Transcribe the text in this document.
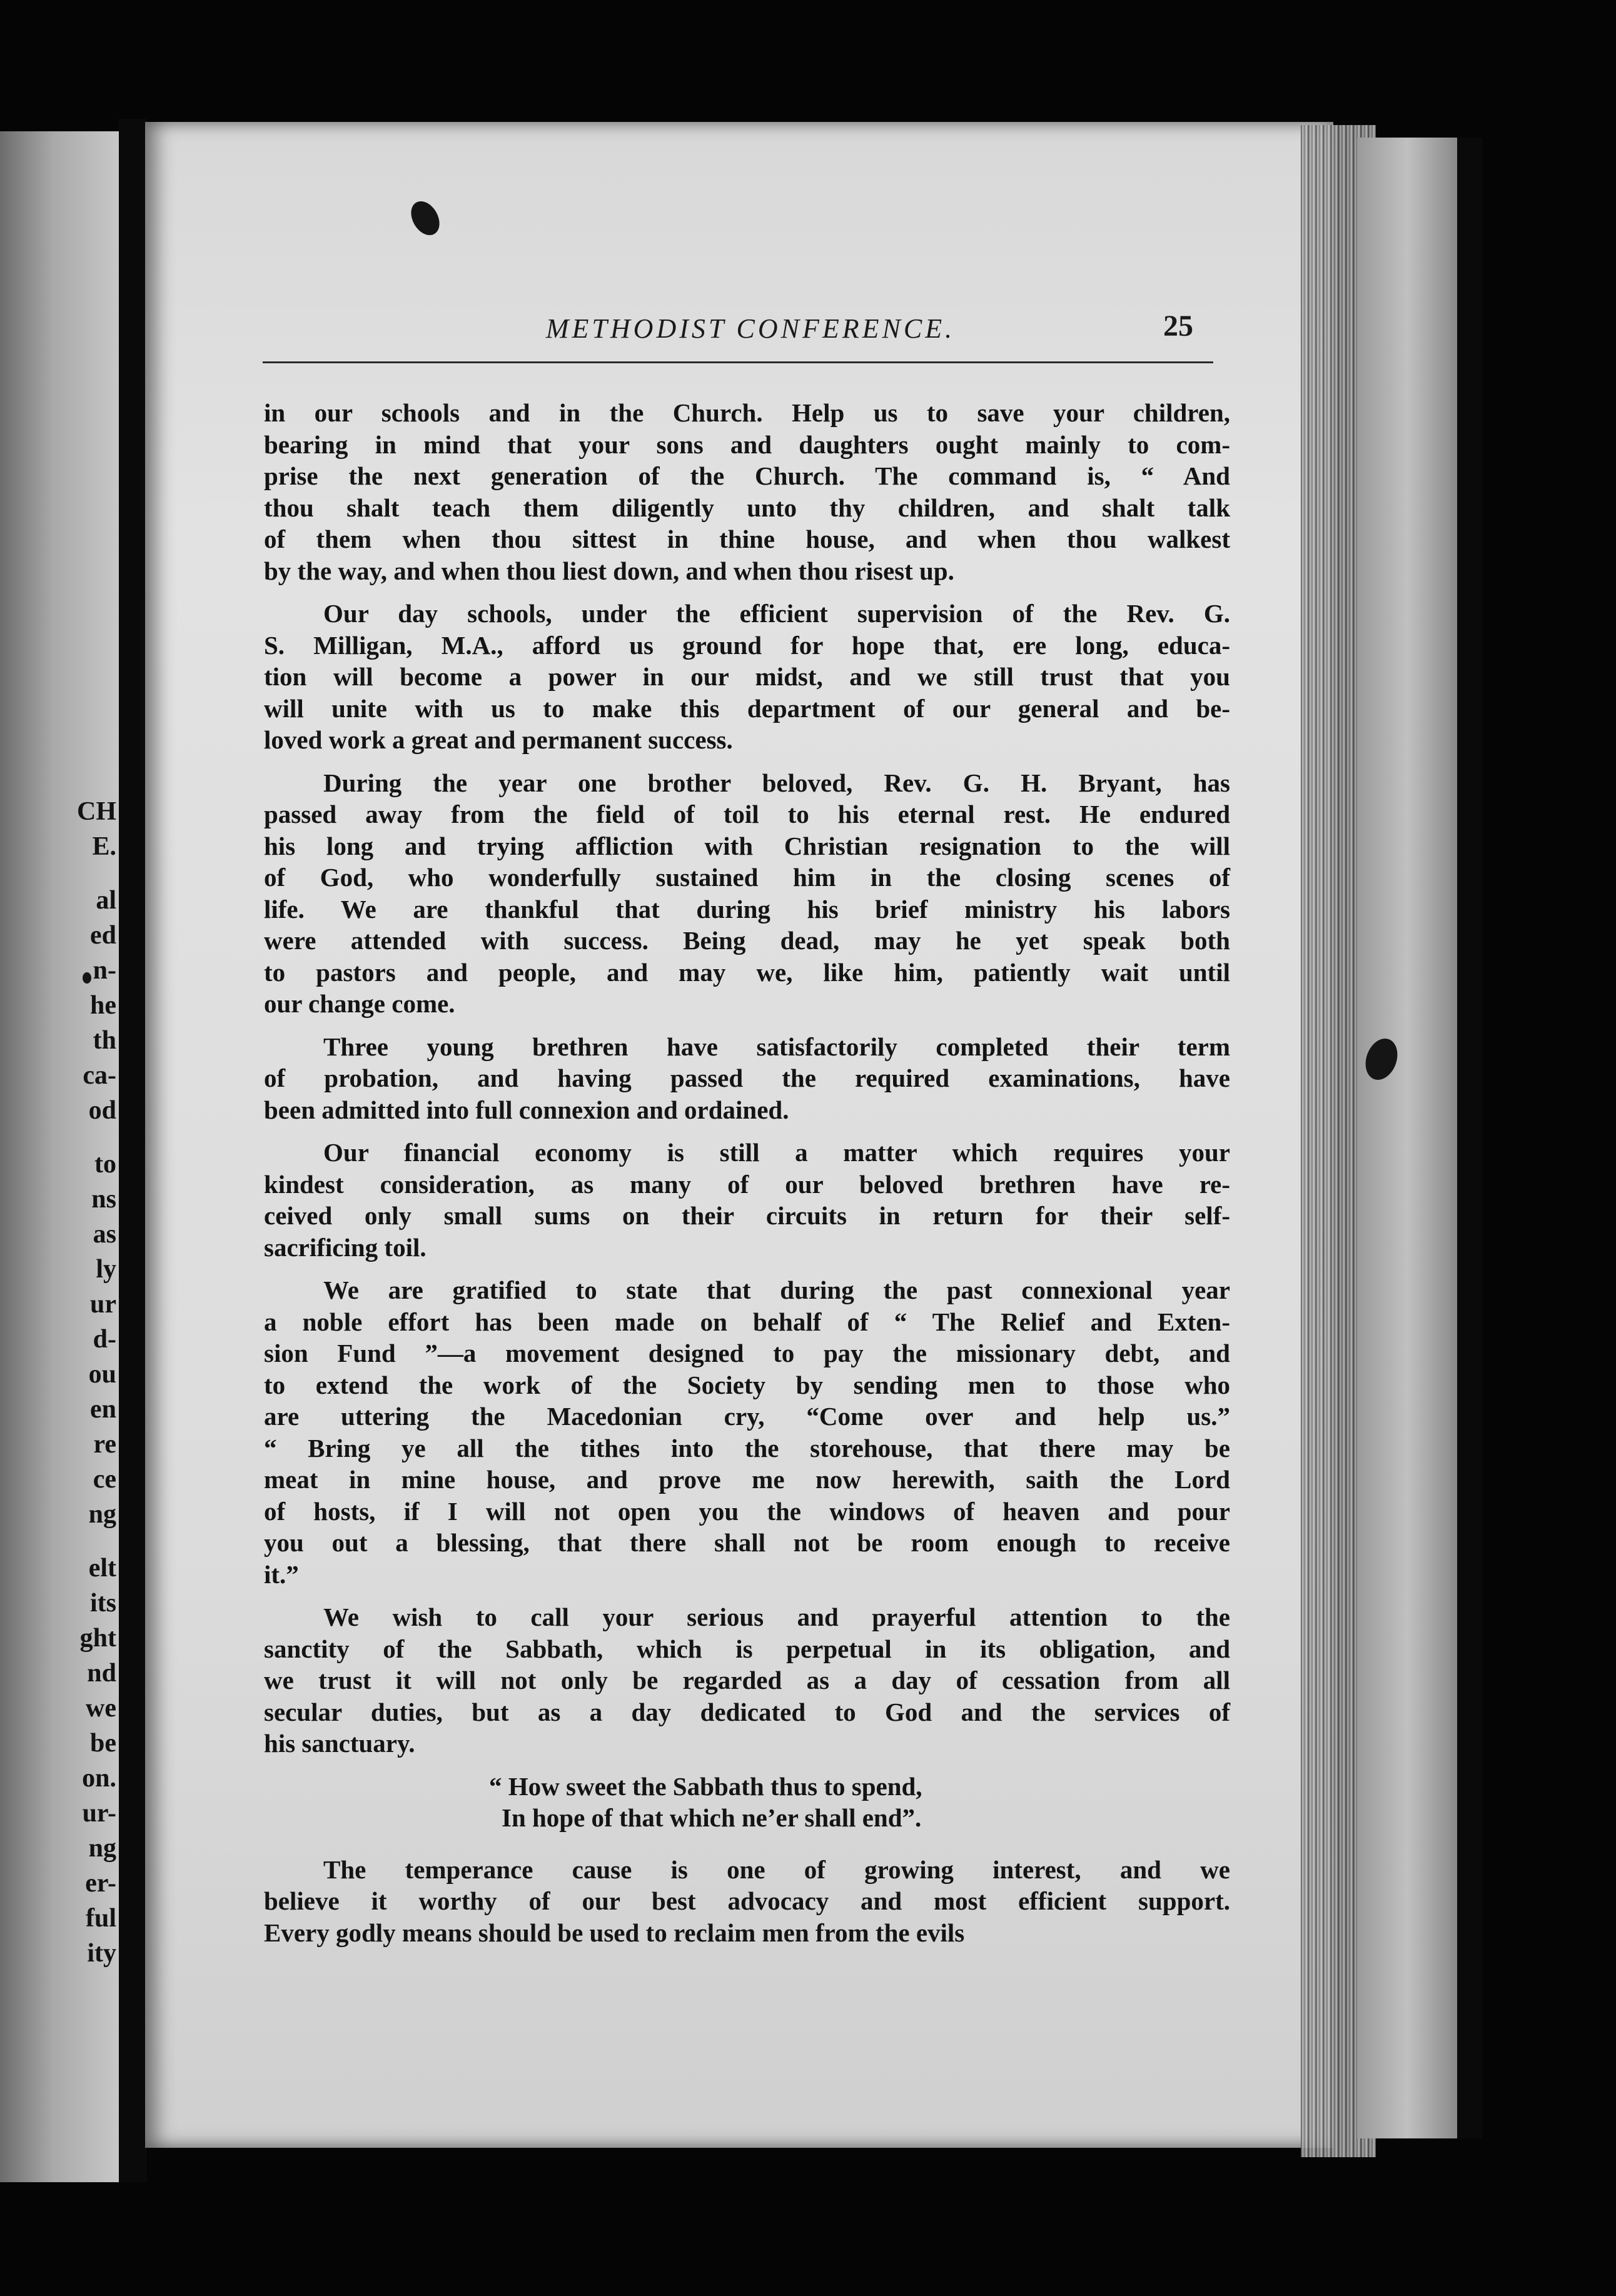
CH
E.
al
ed
n-
he
th
ca-
od
to
ns
as
ly
ur
d-
ou
en
re
ce
ng
elt
its
ght
nd
we
be
on.
ur-
ng
er-
ful
ity
METHODIST CONFERENCE.	25
in our schools and in the Church. Help us to save your children,
bearing in mind that your sons and daughters ought mainly to com-
prise the next generation of the Church. The command is, “ And
thou shalt teach them diligently unto thy children, and shalt talk
of them when thou sittest in thine house, and when thou walkest
by the way, and when thou liest down, and when thou risest up.
Our day schools, under the efficient supervision of the Rev. G.
S. Milligan, M.A., afford us ground for hope that, ere long, educa-
tion will become a power in our midst, and we still trust that you
will unite with us to make this department of our general and be-
loved work a great and permanent success.
During the year one brother beloved, Rev. G. H. Bryant, has
passed away from the field of toil to his eternal rest. He endured
his long and trying affliction with Christian resignation to the will
of God, who wonderfully sustained him in the closing scenes of
life. We are thankful that during his brief ministry his labors
were attended with success. Being dead, may he yet speak both
to pastors and people, and may we, like him, patiently wait until
our change come.
Three young brethren have satisfactorily completed their term
of probation, and having passed the required examinations, have
been admitted into full connexion and ordained.
Our financial economy is still a matter which requires your
kindest consideration, as many of our beloved brethren have re-
ceived only small sums on their circuits in return for their self-
sacrificing toil.
We are gratified to state that during the past connexional year
a noble effort has been made on behalf of “ The Relief and Exten-
sion Fund ”—a movement designed to pay the missionary debt, and
to extend the work of the Society by sending men to those who
are uttering the Macedonian cry, “Come over and help us.”
“ Bring ye all the tithes into the storehouse, that there may be
meat in mine house, and prove me now herewith, saith the Lord
of hosts, if I will not open you the windows of heaven and pour
you out a blessing, that there shall not be room enough to receive
it.”
We wish to call your serious and prayerful attention to the
sanctity of the Sabbath, which is perpetual in its obligation, and
we trust it will not only be regarded as a day of cessation from all
secular duties, but as a day dedicated to God and the services of
his sanctuary.
“ How sweet the Sabbath thus to spend,
In hope of that which ne’er shall end”.
The temperance cause is one of growing interest, and we
believe it worthy of our best advocacy and most efficient support.
Every godly means should be used to reclaim men from the evils
